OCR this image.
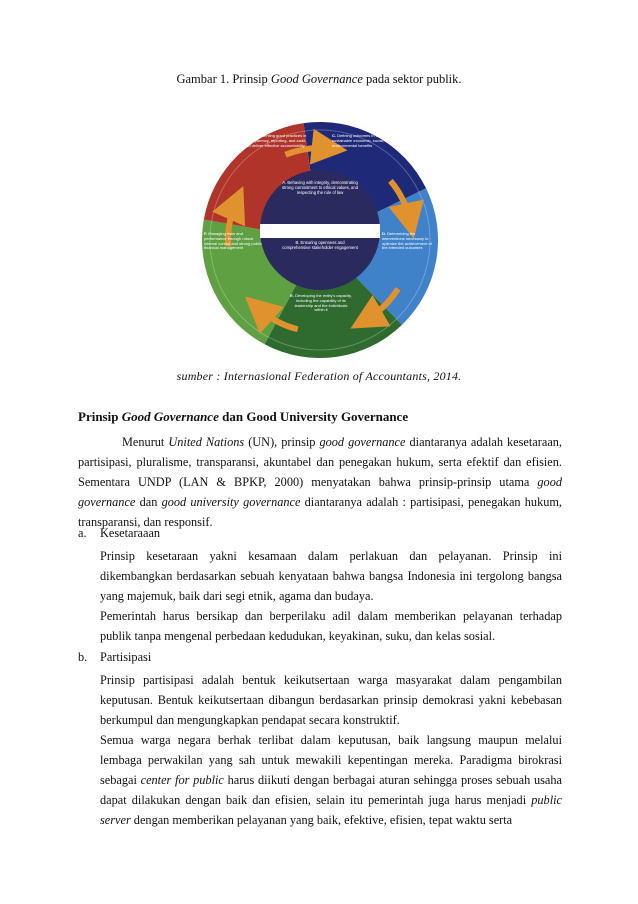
Gambar 1. Prinsip Good Governance pada sektor publik.
A. Behaving with integrity, demonstrating strong commitment to ethical values, and respecting the rule of law
B. Ensuring openness and comprehensive stakeholder engagement
C. Defining outcomes in terms of sustainable economic, social, and environmental benefits
D. Determining the interventions necessary to optimize the achievement of the intended outcomes
E. Developing the entity's capacity, including the capability of its leadership and the individuals within it
F. Managing risks and performance through robust internal control and strong public financial management
G. Implementing good practices in transparency, reporting, and audit, to deliver effective accountability
sumber : Internasional Federation of Accountants, 2014.
Prinsip Good Governance dan Good University Governance
Menurut United Nations (UN), prinsip good governance diantaranya adalah kesetaraan, partisipasi, pluralisme, transparansi, akuntabel dan penegakan hukum, serta efektif dan efisien. Sementara UNDP (LAN & BPKP, 2000) menyatakan bahwa prinsip-prinsip utama good governance dan good university governance diantaranya adalah : partisipasi, penegakan hukum, transparansi, dan responsif.
a. Kesetaraaan
Prinsip kesetaraan yakni kesamaan dalam perlakuan dan pelayanan. Prinsip ini dikembangkan berdasarkan sebuah kenyataan bahwa bangsa Indonesia ini tergolong bangsa yang majemuk, baik dari segi etnik, agama dan budaya.
Pemerintah harus bersikap dan berperilaku adil dalam memberikan pelayanan terhadap publik tanpa mengenal perbedaan kedudukan, keyakinan, suku, dan kelas sosial.
b. Partisipasi
Prinsip partisipasi adalah bentuk keikutsertaan warga masyarakat dalam pengambilan keputusan. Bentuk keikutsertaan dibangun berdasarkan prinsip demokrasi yakni kebebasan berkumpul dan mengungkapkan pendapat secara konstruktif.
Semua warga negara berhak terlibat dalam keputusan, baik langsung maupun melalui lembaga perwakilan yang sah untuk mewakili kepentingan mereka. Paradigma birokrasi sebagai center for public harus diikuti dengan berbagai aturan sehingga proses sebuah usaha dapat dilakukan dengan baik dan efisien, selain itu pemerintah juga harus menjadi public server dengan memberikan pelayanan yang baik, efektive, efisien, tepat waktu serta
